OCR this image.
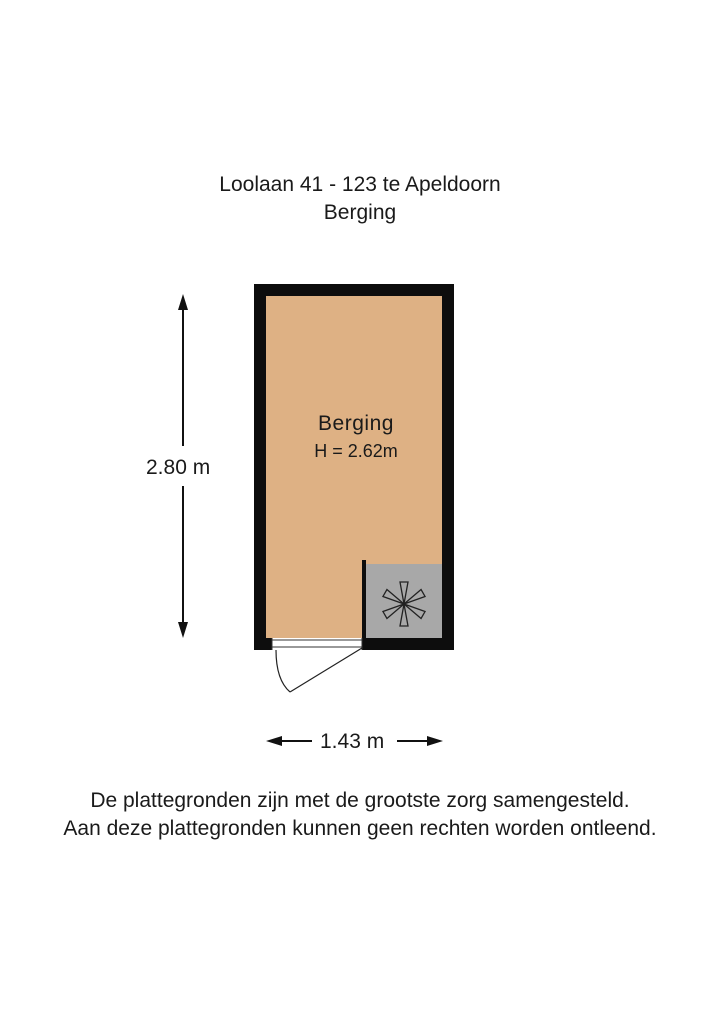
Loolaan 41 - 123 te Apeldoorn
Berging
Berging
H = 2.62m
2.80 m
1.43 m
De plattegronden zijn met de grootste zorg samengesteld.
Aan deze plattegronden kunnen geen rechten worden ontleend.
